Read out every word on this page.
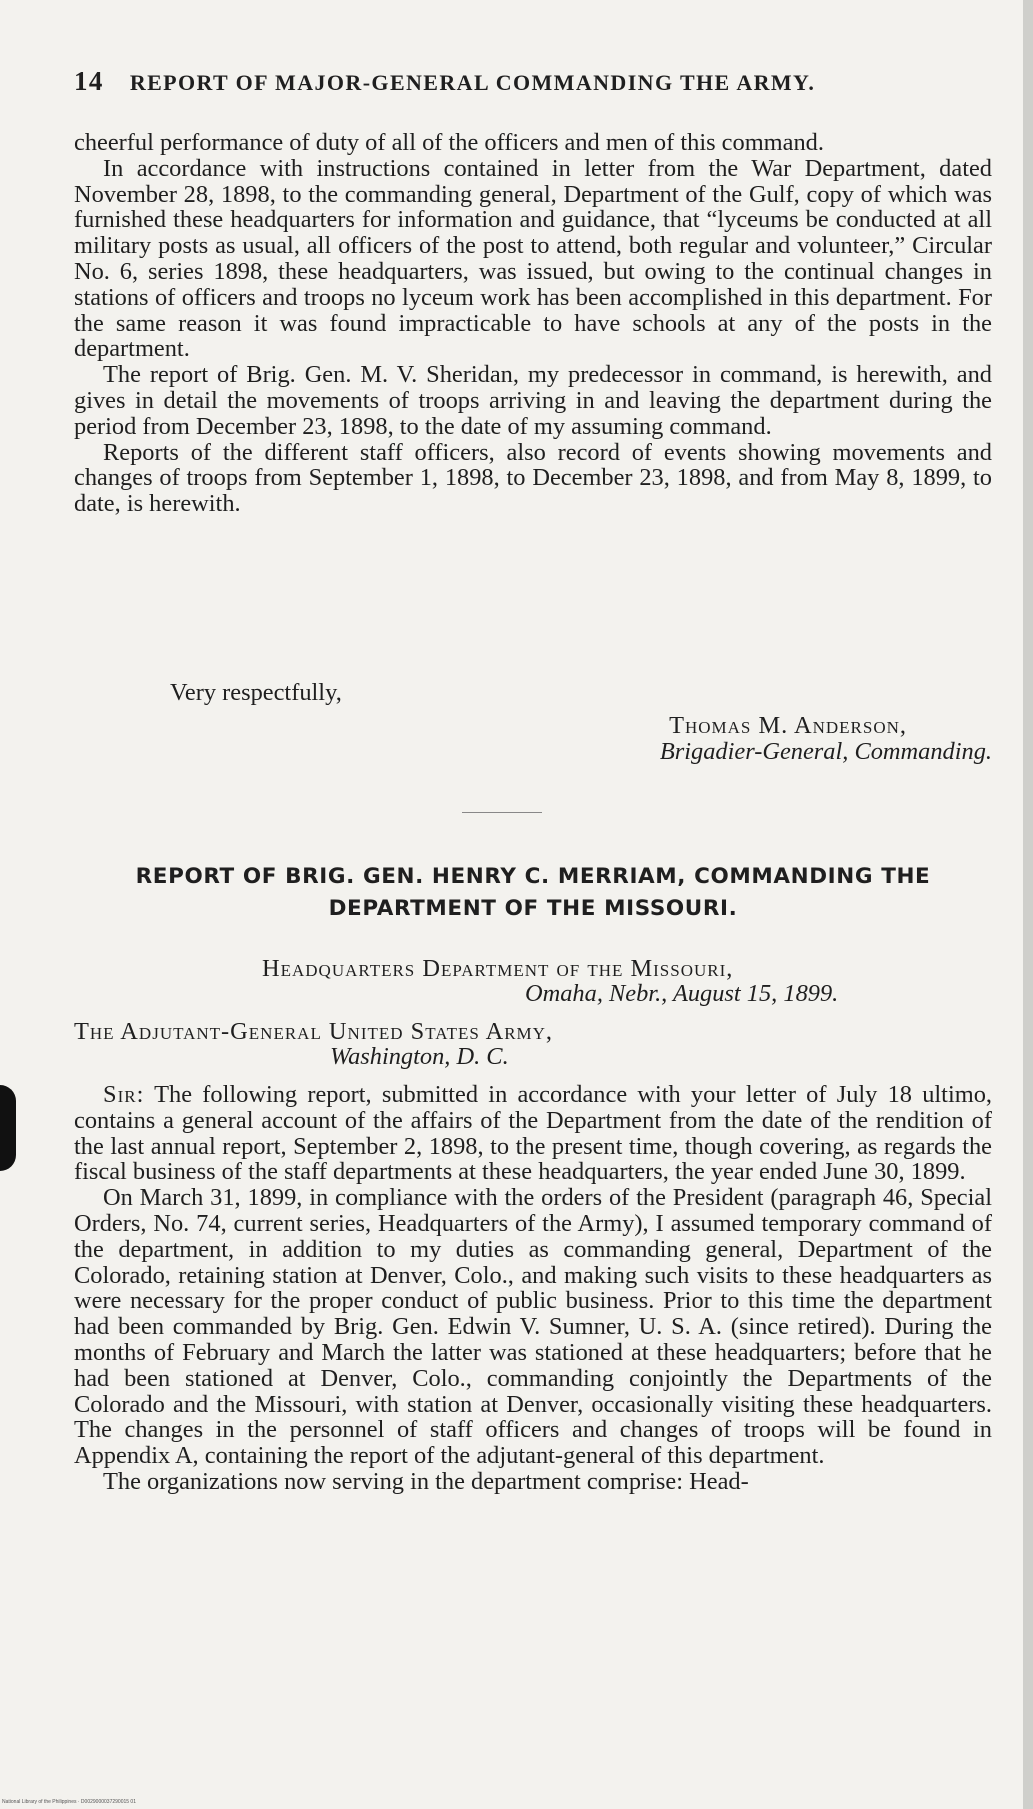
14 REPORT OF MAJOR-GENERAL COMMANDING THE ARMY.

cheerful performance of duty of all of the officers and men of this command.

In accordance with instructions contained in letter from the War Department, dated November 28, 1898, to the commanding general, Department of the Gulf, copy of which was furnished these headquarters for information and guidance, that “lyceums be conducted at all military posts as usual, all officers of the post to attend, both regular and volunteer,” Circular No. 6, series 1898, these headquarters, was issued, but owing to the continual changes in stations of officers and troops no lyceum work has been accomplished in this department. For the same reason it was found impracticable to have schools at any of the posts in the department.

The report of Brig. Gen. M. V. Sheridan, my predecessor in command, is herewith, and gives in detail the movements of troops arriving in and leaving the department during the period from December 23, 1898, to the date of my assuming command.

Reports of the different staff officers, also record of events showing movements and changes of troops from September 1, 1898, to December 23, 1898, and from May 8, 1899, to date, is herewith.

Very respectfully,
Thomas M. Anderson,
Brigadier-General, Commanding.
REPORT OF BRIG. GEN. HENRY C. MERRIAM, COMMANDING THE
DEPARTMENT OF THE MISSOURI.
Headquarters Department of the Missouri,
Omaha, Nebr., August 15, 1899.
The Adjutant-General United States Army,
Washington, D. C.

Sir: The following report, submitted in accordance with your letter of July 18 ultimo, contains a general account of the affairs of the Department from the date of the rendition of the last annual report, September 2, 1898, to the present time, though covering, as regards the fiscal business of the staff departments at these headquarters, the year ended June 30, 1899.

On March 31, 1899, in compliance with the orders of the President (paragraph 46, Special Orders, No. 74, current series, Headquarters of the Army), I assumed temporary command of the department, in addition to my duties as commanding general, Department of the Colorado, retaining station at Denver, Colo., and making such visits to these headquarters as were necessary for the proper conduct of public business. Prior to this time the department had been commanded by Brig. Gen. Edwin V. Sumner, U. S. A. (since retired). During the months of February and March the latter was stationed at these headquarters; before that he had been stationed at Denver, Colo., commanding conjointly the Departments of the Colorado and the Missouri, with station at Denver, occasionally visiting these headquarters. The changes in the personnel of staff officers and changes of troops will be found in Appendix A, containing the report of the adjutant-general of this department.

The organizations now serving in the department comprise: Head-

National Library of the Philippines · D0029000037290015 01
